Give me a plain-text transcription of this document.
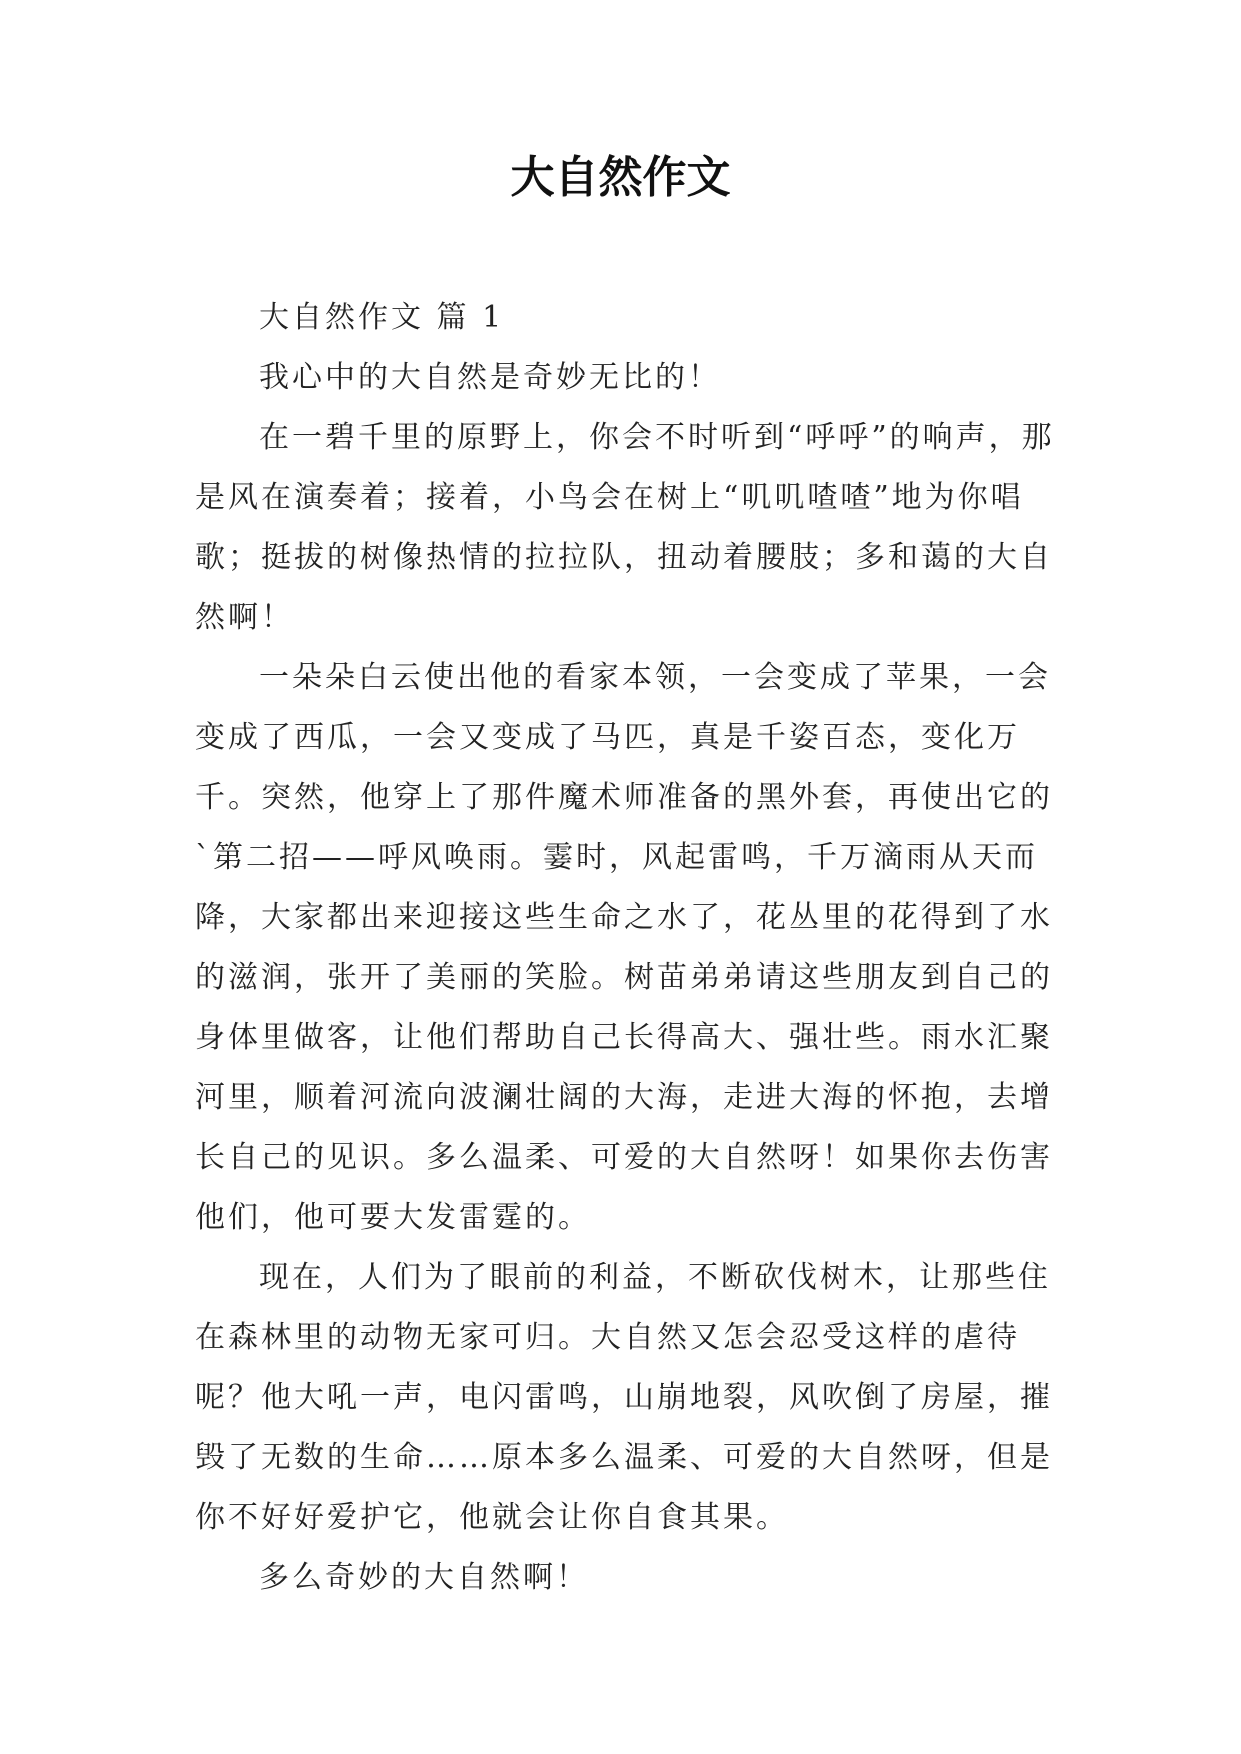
大自然作文

大自然作文 篇 1

我心中的大自然是奇妙无比的！

在一碧千里的原野上，你会不时听到“呼呼”的响声，那是风在演奏着；接着，小鸟会在树上“叽叽喳喳”地为你唱歌；挺拔的树像热情的拉拉队，扭动着腰肢；多和蔼的大自然啊！

一朵朵白云使出他的看家本领，一会变成了苹果，一会变成了西瓜，一会又变成了马匹，真是千姿百态，变化万千。突然，他穿上了那件魔术师准备的黑外套，再使出它的`第二招——呼风唤雨。霎时，风起雷鸣，千万滴雨从天而降，大家都出来迎接这些生命之水了，花丛里的花得到了水的滋润，张开了美丽的笑脸。树苗弟弟请这些朋友到自己的身体里做客，让他们帮助自己长得高大、强壮些。雨水汇聚河里，顺着河流向波澜壮阔的大海，走进大海的怀抱，去增长自己的见识。多么温柔、可爱的大自然呀！如果你去伤害他们，他可要大发雷霆的。

现在，人们为了眼前的利益，不断砍伐树木，让那些住在森林里的动物无家可归。大自然又怎会忍受这样的虐待呢？他大吼一声，电闪雷鸣，山崩地裂，风吹倒了房屋，摧毁了无数的生命……原本多么温柔、可爱的大自然呀，但是你不好好爱护它，他就会让你自食其果。

多么奇妙的大自然啊！
